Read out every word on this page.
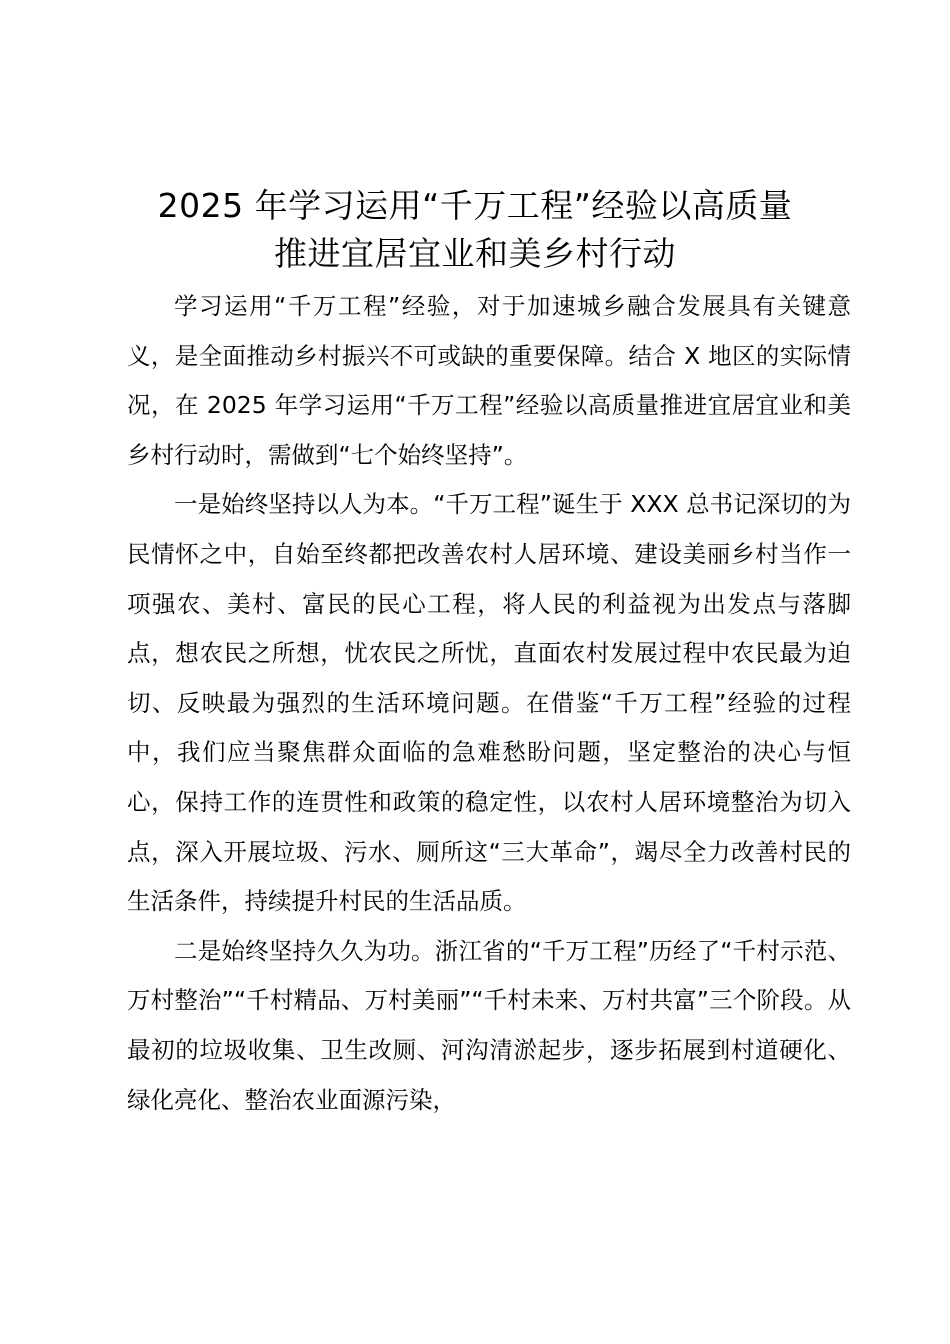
2025 年学习运用“千万工程”经验以高质量
推进宜居宜业和美乡村行动

学习运用“千万工程”经验，对于加速城乡融合发展具有关键意义，是全面推动乡村振兴不可或缺的重要保障。结合 X 地区的实际情况，在 2025 年学习运用“千万工程”经验以高质量推进宜居宜业和美乡村行动时，需做到“七个始终坚持”。

一是始终坚持以人为本。“千万工程”诞生于 XXX 总书记深切的为民情怀之中，自始至终都把改善农村人居环境、建设美丽乡村当作一项强农、美村、富民的民心工程，将人民的利益视为出发点与落脚点，想农民之所想，忧农民之所忧，直面农村发展过程中农民最为迫切、反映最为强烈的生活环境问题。在借鉴“千万工程”经验的过程中，我们应当聚焦群众面临的急难愁盼问题，坚定整治的决心与恒心，保持工作的连贯性和政策的稳定性，以农村人居环境整治为切入点，深入开展垃圾、污水、厕所这“三大革命”，竭尽全力改善村民的生活条件，持续提升村民的生活品质。

二是始终坚持久久为功。浙江省的“千万工程”历经了“千村示范、万村整治”“千村精品、万村美丽”“千村未来、万村共富”三个阶段。从最初的垃圾收集、卫生改厕、河沟清淤起步，逐步拓展到村道硬化、绿化亮化、整治农业面源污染，
